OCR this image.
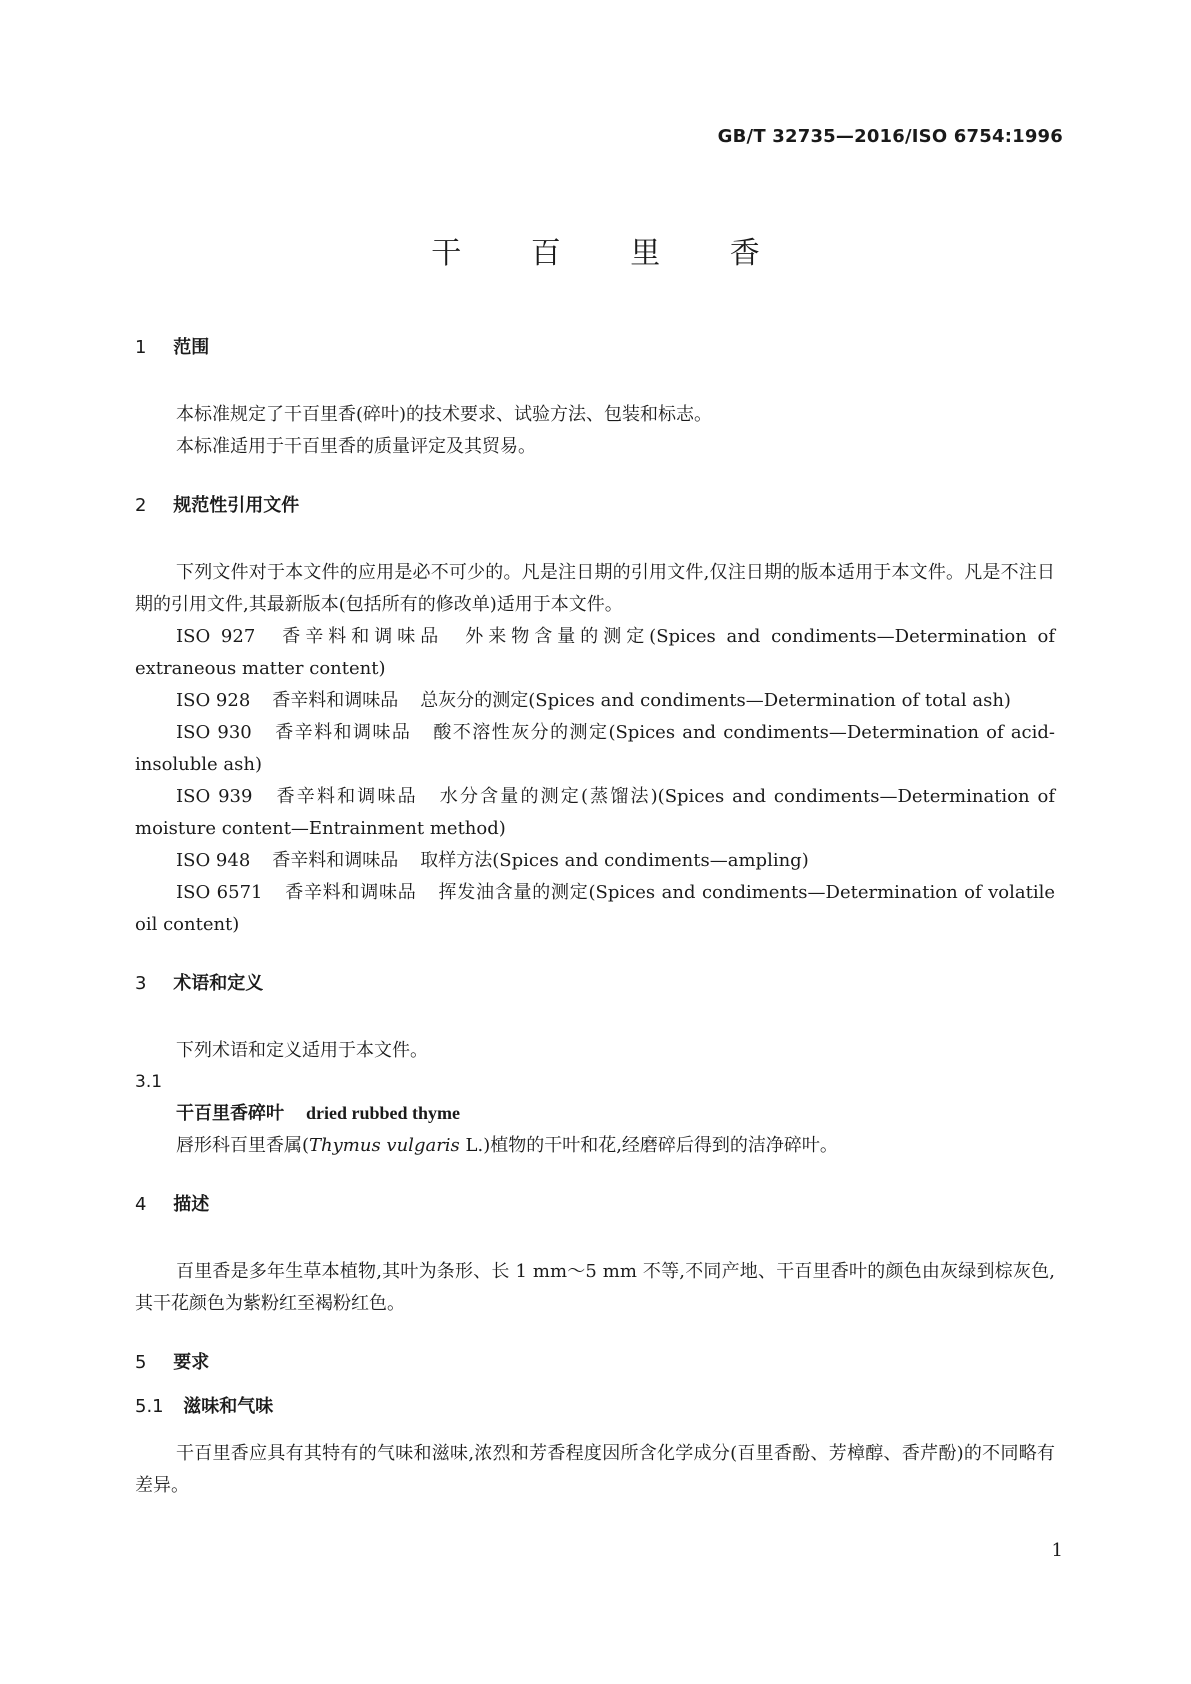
GB/T 32735—2016/ISO 6754:1996
干 百 里 香
1 范围

本标准规定了干百里香(碎叶)的技术要求、试验方法、包装和标志。

本标准适用于干百里香的质量评定及其贸易。

2 规范性引用文件

下列文件对于本文件的应用是必不可少的。凡是注日期的引用文件,仅注日期的版本适用于本文件。凡是不注日期的引用文件,其最新版本(包括所有的修改单)适用于本文件。

ISO 927 香辛料和调味品 外来物含量的测定(Spices and condiments—Determination of extraneous matter content)

ISO 928 香辛料和调味品 总灰分的测定(Spices and condiments—Determination of total ash)

ISO 930 香辛料和调味品 酸不溶性灰分的测定(Spices and condiments—Determination of acid-insoluble ash)

ISO 939 香辛料和调味品 水分含量的测定(蒸馏法)(Spices and condiments—Determination of moisture content—Entrainment method)

ISO 948 香辛料和调味品 取样方法(Spices and condiments—ampling)

ISO 6571 香辛料和调味品 挥发油含量的测定(Spices and condiments—Determination of volatile oil content)

3 术语和定义

下列术语和定义适用于本文件。

3.1

干百里香碎叶 dried rubbed thyme

唇形科百里香属(Thymus vulgaris L.)植物的干叶和花,经磨碎后得到的洁净碎叶。

4 描述

百里香是多年生草本植物,其叶为条形、长 1 mm～5 mm 不等,不同产地、干百里香叶的颜色由灰绿到棕灰色,其干花颜色为紫粉红至褐粉红色。

5 要求
5.1 滋味和气味

干百里香应具有其特有的气味和滋味,浓烈和芳香程度因所含化学成分(百里香酚、芳樟醇、香芹酚)的不同略有差异。

1
